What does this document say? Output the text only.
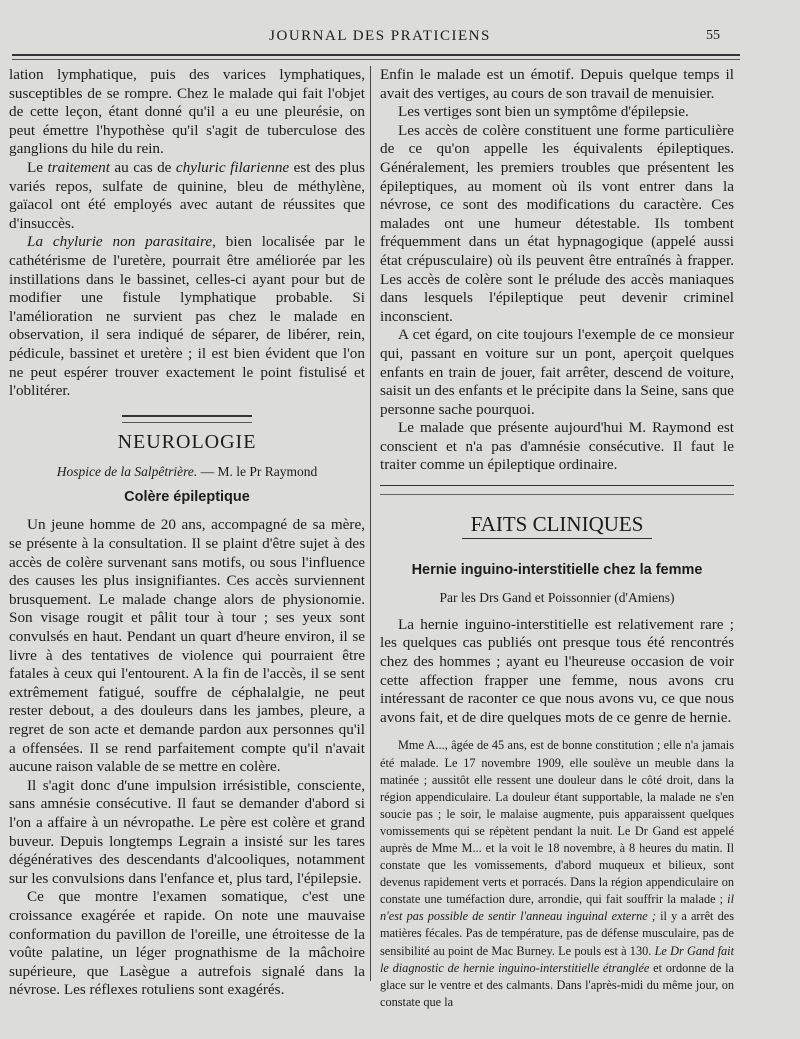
JOURNAL DES PRATICIENS	55

lation lymphatique, puis des varices lymphatiques, susceptibles de se rompre. Chez le malade qui fait l'objet de cette leçon, étant donné qu'il a eu une pleurésie, on peut émettre l'hypothèse qu'il s'agit de tuberculose des ganglions du hile du rein.

Le traitement au cas de chyluric filarienne est des plus variés repos, sulfate de quinine, bleu de méthylène, gaïacol ont été employés avec autant de réussites que d'insuccès.

La chylurie non parasitaire, bien localisée par le cathétérisme de l'uretère, pourrait être améliorée par les instillations dans le bassinet, celles-ci ayant pour but de modifier une fistule lymphatique probable. Si l'amélioration ne survient pas chez le malade en observation, il sera indiqué de séparer, de libérer, rein, pédicule, bassinet et uretère ; il est bien évident que l'on ne peut espérer trouver exactement le point fistulisé et l'oblitérer.

NEUROLOGIE
Hospice de la Salpêtrière. — M. le Pr Raymond
Colère épileptique

Un jeune homme de 20 ans, accompagné de sa mère, se présente à la consultation. Il se plaint d'être sujet à des accès de colère survenant sans motifs, ou sous l'influence des causes les plus insignifiantes. Ces accès surviennent brusquement. Le malade change alors de physionomie. Son visage rougit et pâlit tour à tour ; ses yeux sont convulsés en haut. Pendant un quart d'heure environ, il se livre à des tentatives de violence qui pourraient être fatales à ceux qui l'entourent. A la fin de l'accès, il se sent extrêmement fatigué, souffre de céphalalgie, ne peut rester debout, a des douleurs dans les jambes, pleure, a regret de son acte et demande pardon aux personnes qu'il a offensées. Il se rend parfaitement compte qu'il n'avait aucune raison valable de se mettre en colère.

Il s'agit donc d'une impulsion irrésistible, consciente, sans amnésie consécutive. Il faut se demander d'abord si l'on a affaire à un névropathe. Le père est colère et grand buveur. Depuis longtemps Legrain a insisté sur les tares dégénératives des descendants d'alcooliques, notamment sur les convulsions dans l'enfance et, plus tard, l'épilepsie.

Ce que montre l'examen somatique, c'est une croissance exagérée et rapide. On note une mauvaise conformation du pavillon de l'oreille, une étroitesse de la voûte palatine, un léger prognathisme de la mâchoire supérieure, que Lasègue a autrefois signalé dans la névrose. Les réflexes rotuliens sont exagérés.

Enfin le malade est un émotif. Depuis quelque temps il avait des vertiges, au cours de son travail de menuisier.

Les vertiges sont bien un symptôme d'épilepsie.

Les accès de colère constituent une forme particulière de ce qu'on appelle les équivalents épileptiques. Généralement, les premiers troubles que présentent les épileptiques, au moment où ils vont entrer dans la névrose, ce sont des modifications du caractère. Ces malades ont une humeur détestable. Ils tombent fréquemment dans un état hypnagogique (appelé aussi état crépusculaire) où ils peuvent être entraînés à frapper. Les accès de colère sont le prélude des accès maniaques dans lesquels l'épileptique peut devenir criminel inconscient.

A cet égard, on cite toujours l'exemple de ce monsieur qui, passant en voiture sur un pont, aperçoit quelques enfants en train de jouer, fait arrêter, descend de voiture, saisit un des enfants et le précipite dans la Seine, sans que personne sache pourquoi.

Le malade que présente aujourd'hui M. Raymond est conscient et n'a pas d'amnésie consécutive. Il faut le traiter comme un épileptique ordinaire.

FAITS CLINIQUES
Hernie inguino-interstitielle chez la femme
Par les Drs Gand et Poissonnier (d'Amiens)

La hernie inguino-interstitielle est relativement rare ; les quelques cas publiés ont presque tous été rencontrés chez des hommes ; ayant eu l'heureuse occasion de voir cette affection frapper une femme, nous avons cru intéressant de raconter ce que nous avons vu, ce que nous avons fait, et de dire quelques mots de ce genre de hernie.

Mme A..., âgée de 45 ans, est de bonne constitution ; elle n'a jamais été malade. Le 17 novembre 1909, elle soulève un meuble dans la matinée ; aussitôt elle ressent une douleur dans le côté droit, dans la région appendiculaire. La douleur étant supportable, la malade ne s'en soucie pas ; le soir, le malaise augmente, puis apparaissent quelques vomissements qui se répètent pendant la nuit. Le Dr Gand est appelé auprès de Mme M... et la voit le 18 novembre, à 8 heures du matin. Il constate que les vomissements, d'abord muqueux et bilieux, sont devenus rapidement verts et porracés. Dans la région appendiculaire on constate une tuméfaction dure, arrondie, qui fait souffrir la malade ; il n'est pas possible de sentir l'anneau inguinal externe ; il y a arrêt des matières fécales. Pas de température, pas de défense musculaire, pas de sensibilité au point de Mac Burney. Le pouls est à 130. Le Dr Gand fait le diagnostic de hernie inguino-interstitielle étranglée et ordonne de la glace sur le ventre et des calmants. Dans l'après-midi du même jour, on constate que la
